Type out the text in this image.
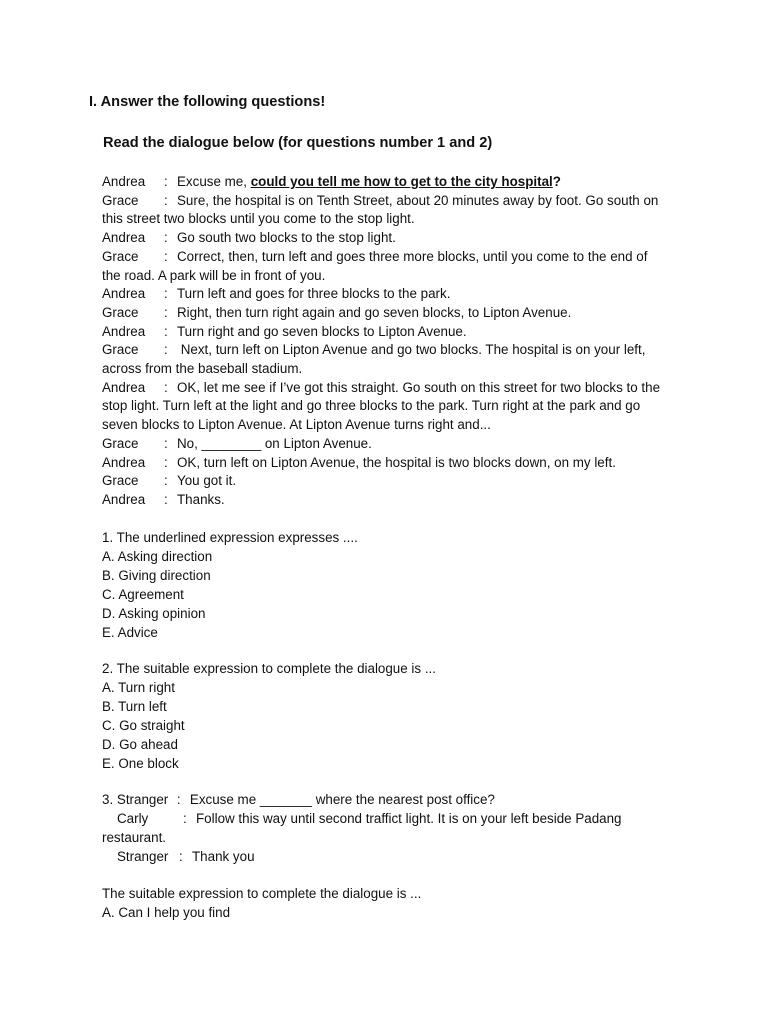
I. Answer the following questions!
Read the dialogue below (for questions number 1 and 2)
Andrea : Excuse me, could you tell me how to get to the city hospital?
Grace : Sure, the hospital is on Tenth Street, about 20 minutes away by foot. Go south on
this street two blocks until you come to the stop light.
Andrea : Go south two blocks to the stop light.
Grace : Correct, then, turn left and goes three more blocks, until you come to the end of
the road. A park will be in front of you.
Andrea : Turn left and goes for three blocks to the park.
Grace : Right, then turn right again and go seven blocks, to Lipton Avenue.
Andrea : Turn right and go seven blocks to Lipton Avenue.
Grace : Next, turn left on Lipton Avenue and go two blocks. The hospital is on your left,
across from the baseball stadium.
Andrea : OK, let me see if I’ve got this straight. Go south on this street for two blocks to the
stop light. Turn left at the light and go three blocks to the park. Turn right at the park and go
seven blocks to Lipton Avenue. At Lipton Avenue turns right and...
Grace : No, ________ on Lipton Avenue.
Andrea : OK, turn left on Lipton Avenue, the hospital is two blocks down, on my left.
Grace : You got it.
Andrea : Thanks.
1. The underlined expression expresses ....
A. Asking direction
B. Giving direction
C. Agreement
D. Asking opinion
E. Advice
2. The suitable expression to complete the dialogue is ...
A. Turn right
B. Turn left
C. Go straight
D. Go ahead
E. One block
3. Stranger : Excuse me _______ where the nearest post office?
Carly	: Follow this way until second traffict light. It is on your left beside Padang
restaurant.
Stranger : Thank you
The suitable expression to complete the dialogue is ...
A. Can I help you find
